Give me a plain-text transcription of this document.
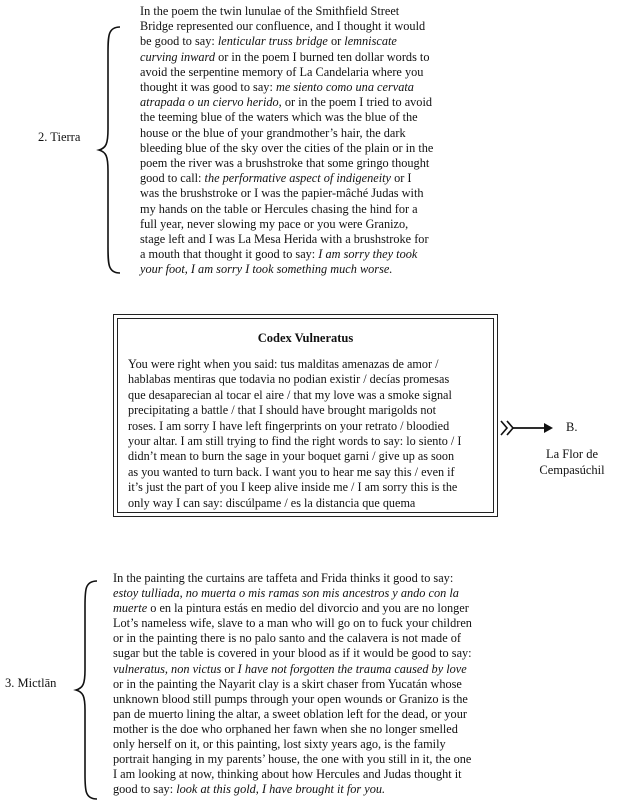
2. Tierra
In the poem the twin lunulae of the Smithfield Street
Bridge represented our confluence, and I thought it would
be good to say: lenticular truss bridge or lemniscate
curving inward or in the poem I burned ten dollar words to
avoid the serpentine memory of La Candelaria where you
thought it was good to say: me siento como una cervata
atrapada o un ciervo herido, or in the poem I tried to avoid
the teeming blue of the waters which was the blue of the
house or the blue of your grandmother’s hair, the dark
bleeding blue of the sky over the cities of the plain or in the
poem the river was a brushstroke that some gringo thought
good to call: the performative aspect of indigeneity or I
was the brushstroke or I was the papier-mâché Judas with
my hands on the table or Hercules chasing the hind for a
full year, never slowing my pace or you were Granizo,
stage left and I was La Mesa Herida with a brushstroke for
a mouth that thought it good to say: I am sorry they took
your foot, I am sorry I took something much worse.
Codex Vulneratus
You were right when you said: tus malditas amenazas de amor /
hablabas mentiras que todavia no podian existir / decías promesas
que desaparecian al tocar el aire / that my love was a smoke signal
precipitating a battle / that I should have brought marigolds not
roses. I am sorry I have left fingerprints on your retrato / bloodied
your altar. I am still trying to find the right words to say: lo siento / I
didn’t mean to burn the sage in your boquet garni / give up as soon
as you wanted to turn back. I want you to hear me say this / even if
it’s just the part of you I keep alive inside me / I am sorry this is the
only way I can say: discúlpame / es la distancia que quema
B.
La Flor de
Cempasúchil
3. Mictlān
In the painting the curtains are taffeta and Frida thinks it good to say:
estoy tulliada, no muerta o mis ramas son mis ancestros y ando con la
muerte o en la pintura estás en medio del divorcio and you are no longer
Lot’s nameless wife, slave to a man who will go on to fuck your children
or in the painting there is no palo santo and the calavera is not made of
sugar but the table is covered in your blood as if it would be good to say:
vulneratus, non victus or I have not forgotten the trauma caused by love
or in the painting the Nayarit clay is a skirt chaser from Yucatán whose
unknown blood still pumps through your open wounds or Granizo is the
pan de muerto lining the altar, a sweet oblation left for the dead, or your
mother is the doe who orphaned her fawn when she no longer smelled
only herself on it, or this painting, lost sixty years ago, is the family
portrait hanging in my parents’ house, the one with you still in it, the one
I am looking at now, thinking about how Hercules and Judas thought it
good to say: look at this gold, I have brought it for you.
